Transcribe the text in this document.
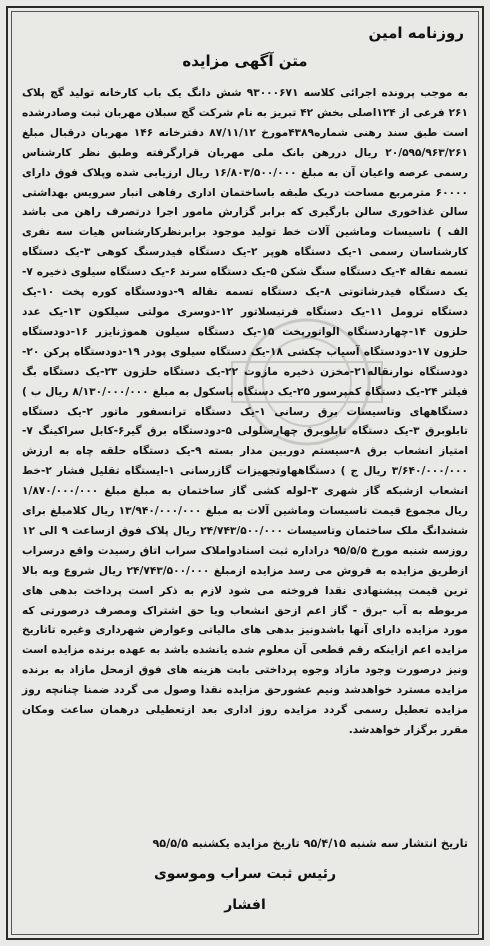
روزنامه امین
متن آگهی مزایده
به موجب پرونده اجرائی کلاسه ۹۳۰۰۰۶۷۱ شش دانگ یک باب کارخانه تولید گچ پلاک ۲۶۱ فرعی از ۱۲۴اصلی بخش ۴۲ تبریز به نام شرکت گچ سبلان مهربان ثبت وصادرشده است طبق سند رهنی شماره۴۳۸۹مورخ ۸۷/۱۱/۱۲ دفترخانه ۱۴۶ مهربان درقبال مبلغ ۲۰/۵۹۵/۹۶۳/۲۶۱ ریال دررهن بانک ملی مهربان قرارگرفته وطبق نظر کارشناس رسمی عرصه واعیان آن به مبلغ ۱۶/۸۰۳/۵۰۰/۰۰۰ ریال ارزیابی شده وپلاک فوق دارای ۶۰۰۰۰ مترمربع مساحت دریک طبقه باساختمان اداری رفاهی انبار سرویس بهداشتی سالن غذاخوری سالن بارگیری که برابر گزارش مامور اجرا درتصرف راهن می باشد الف ) تاسیسات وماشین آلات خط تولید موجود برابرنظرکارشناس هیات سه نفری کارشناسان رسمی ۱-یک دستگاه هوپر ۲-یک دستگاه فیدرسنگ کوهی ۳-یک دستگاه تسمه نقاله ۴-یک دستگاه سنگ شکن ۵-یک دستگاه سرند ۶-یک دستگاه سیلوی ذخیره ۷-یک دستگاه فیدرشاتوتی ۸-یک دستگاه تسمه نقاله ۹-دودستگاه کوره پخت ۱۰-یک دستگاه ترومل ۱۱-یک دستگاه فرتیسلاتور ۱۲-دوسری مولتی سیلکون ۱۳-یک عدد حلزون ۱۴-چهاردستگاه الواتورپخت ۱۵-یک دستگاه سیلون هموژنایزر ۱۶-دودستگاه حلزون ۱۷-دودستگاه آسیاب چکشی ۱۸-یک دستگاه سیلوی پودر ۱۹-دودستگاه پرکن ۲۰-دودستگاه نوارنقاله۲۱-مخزن ذخیره مازوت ۲۲-یک دستگاه حلزون ۲۳-یک دستگاه بگ فیلتر ۲۴-یک دستگاه کمپرسور ۲۵-یک دستگاه باسکول به مبلغ ۸/۱۳۰/۰۰۰/۰۰۰ ریال ب ) دستگاههای وتاسیسات برق رسانی ۱-یک دستگاه ترانسفور ماتور ۲-یک دستگاه تابلوبرق ۳-یک دستگاه تابلوبرق چهارسلولی ۵-دودستگاه برق گیر۶-کابل سراکینگ ۷-امتیاز انشعاب برق ۸-سیستم دوربین مدار بسته ۹-یک دستگاه حلقه چاه به ارزش ۳/۶۴۰/۰۰۰/۰۰۰ ریال ج ) دستگاههاوتجهیزات گازرسانی ۱-ایستگاه تقلیل فشار ۲-خط انشعاب ازشبکه گاز شهری ۳-لوله کشی گاز ساختمان به مبلغ مبلغ ۱/۸۷۰/۰۰۰/۰۰۰ ریال مجموع قیمت تاسیسات وماشین آلات به مبلغ ۱۳/۹۴۰/۰۰۰/۰۰۰ ریال کلامبلغ برای ششدانگ ملک ساختمان وتاسیسات ۲۴/۷۴۳/۵۰۰/۰۰۰ ریال پلاک فوق ازساعت ۹ الی ۱۲ روزسه شنبه مورخ ۹۵/۵/۵ دراداره ثبت اسنادواملاک سراب اتاق رسیدت واقع درسراب ازطریق مزایده به فروش می رسد مزایده ازمبلغ ۲۴/۷۴۳/۵۰۰/۰۰۰ ریال شروع وبه بالا ترین قیمت پیشنهادی نقدا فروخته می شود لازم به ذکر است پرداخت بدهی های مربوطه به آب -برق - گاز اعم ازحق انشعاب ویا حق اشتراک ومصرف درصورتی که مورد مزایده دارای آنها باشدونیز بدهی های مالیاتی وعوارض شهرداری وغیره تاتاریخ مزایده اعم ازاینکه رقم قطعی آن معلوم شده یانشده باشد به عهده برنده مزایده است ونیز درصورت وجود مازاد وجوه پرداختی بابت هزینه های فوق ازمحل مازاد به برنده مزایده مسترد خواهدشد ونیم عشورحق مزایده نقدا وصول می گردد ضمنا چنانچه روز مزایده تعطیل رسمی گردد مزایده روز اداری بعد ازتعطیلی درهمان ساعت ومکان مقرر برگزار خواهدشد.
تاریخ انتشار سه شنبه ۹۵/۴/۱۵ تاریخ مزایده یکشنبه ۹۵/۵/۵
رئیس ثبت سراب وموسوی
افشار
